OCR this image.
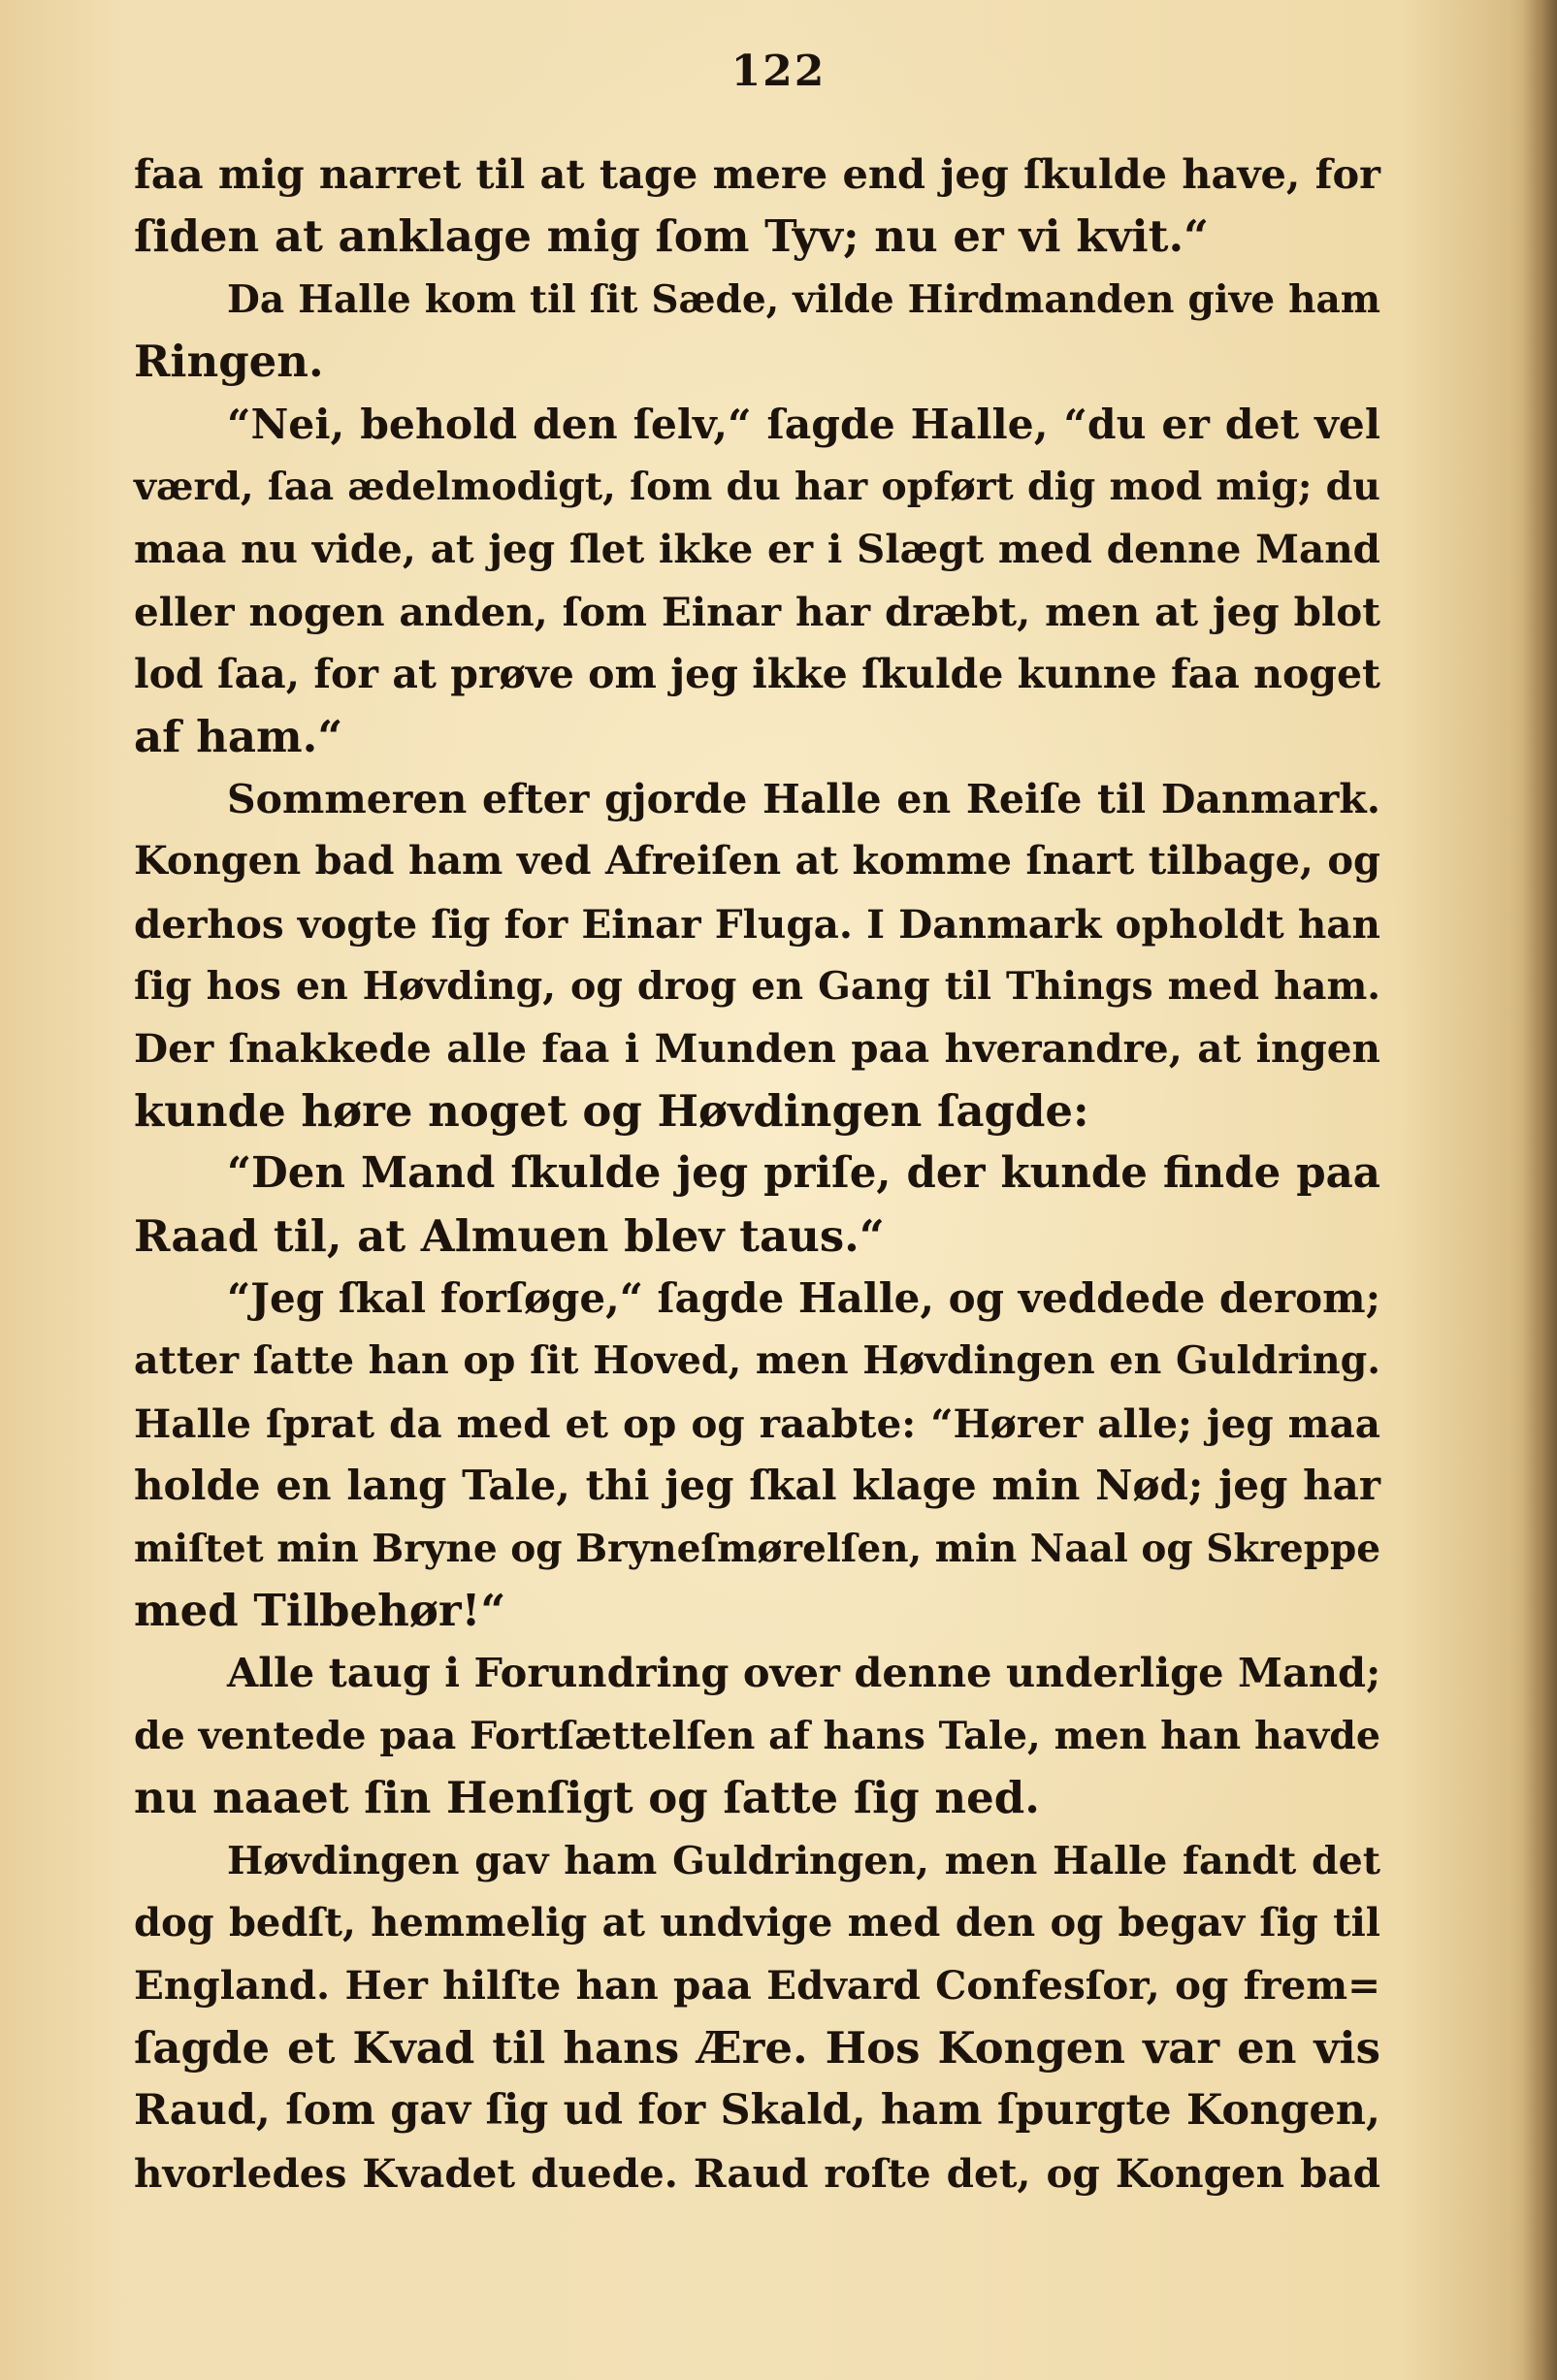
122
faa mig narret til at tage mere end jeg ſkulde have, for
ſiden at anklage mig ſom Tyv; nu er vi kvit.“
Da Halle kom til ſit Sæde, vilde Hirdmanden give ham
Ringen.
“Nei, behold den ſelv,“ ſagde Halle, “du er det vel
værd, ſaa ædelmodigt, ſom du har opført dig mod mig; du
maa nu vide, at jeg ſlet ikke er i Slægt med denne Mand
eller nogen anden, ſom Einar har dræbt, men at jeg blot
lod ſaa, for at prøve om jeg ikke ſkulde kunne faa noget
af ham.“
Sommeren efter gjorde Halle en Reiſe til Danmark.
Kongen bad ham ved Afreiſen at komme ſnart tilbage, og
derhos vogte ſig for Einar Fluga. I Danmark opholdt han
ſig hos en Høvding, og drog en Gang til Things med ham.
Der ſnakkede alle faa i Munden paa hverandre, at ingen
kunde høre noget og Høvdingen ſagde:
“Den Mand ſkulde jeg priſe, der kunde finde paa
Raad til, at Almuen blev taus.“
“Jeg ſkal forſøge,“ ſagde Halle, og veddede derom;
atter ſatte han op ſit Hoved, men Høvdingen en Guldring.
Halle ſprat da med et op og raabte: “Hører alle; jeg maa
holde en lang Tale, thi jeg ſkal klage min Nød; jeg har
miſtet min Bryne og Bryneſmørelſen, min Naal og Skreppe
med Tilbehør!“
Alle taug i Forundring over denne underlige Mand;
de ventede paa Fortſættelſen af hans Tale, men han havde
nu naaet ſin Henſigt og ſatte ſig ned.
Høvdingen gav ham Guldringen, men Halle fandt det
dog bedſt, hemmelig at undvige med den og begav ſig til
England. Her hilſte han paa Edvard Confesſor, og frem=
ſagde et Kvad til hans Ære. Hos Kongen var en vis
Raud, ſom gav ſig ud for Skald, ham ſpurgte Kongen,
hvorledes Kvadet duede. Raud roſte det, og Kongen bad
